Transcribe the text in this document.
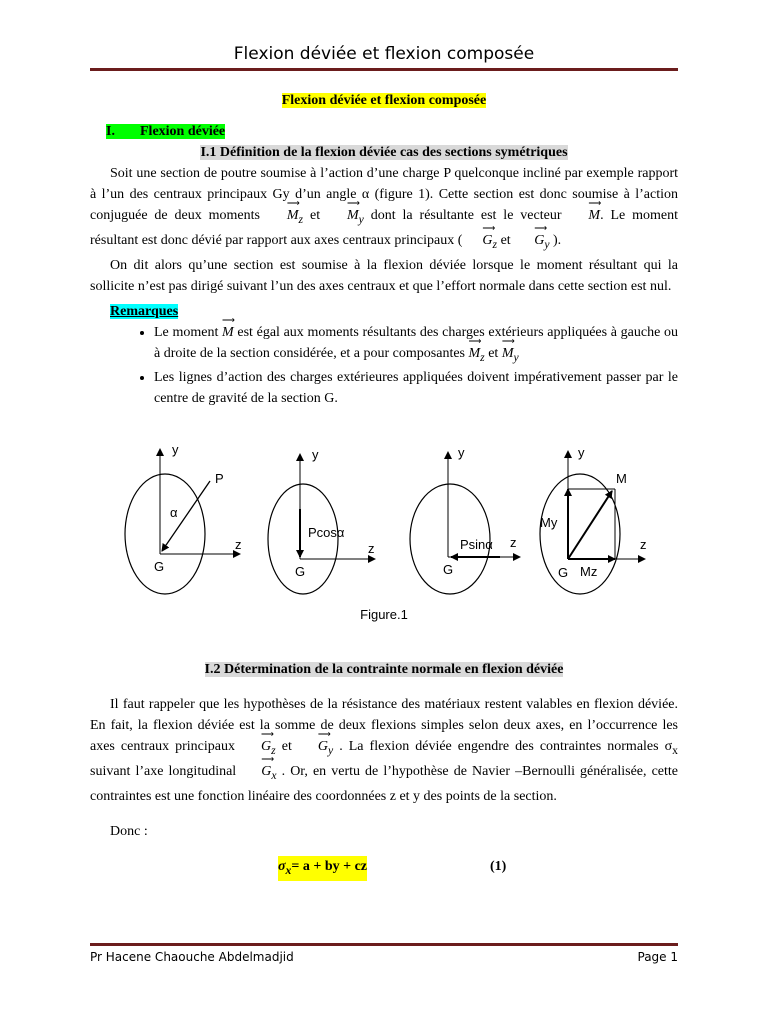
Flexion déviée et flexion composée

Flexion déviée et flexion composée

I. Flexion déviée

I.1 Définition de la flexion déviée cas des sections symétriques

Soit une section de poutre soumise à l’action d’une charge P quelconque incliné par exemple rapport à l’un des centraux principaux Gy d’un angle α (figure 1). Cette section est donc soumise à l’action conjuguée de deux moments ⟶ $M_z$ et ⟶ $M_y$ dont la résultante est le vecteur ⟶ M. Le moment résultant est donc dévié par rapport aux axes centraux principaux (⟶ $G_z$ et ⟶ $G_y$ ).

On dit alors qu’une section est soumise à la flexion déviée lorsque le moment résultant qui la sollicite n’est pas dirigé suivant l’un des axes centraux et que l’effort normale dans cette section est nul.

Remarques
• Le moment ⟶ M est égal aux moments résultants des charges extérieurs appliquées à gauche ou à droite de la section considérée, et a pour composantes ⟶ $M_z$ et ⟶ $M_y$
• Les lignes d’action des charges extérieures appliquées doivent impérativement passer par le centre de gravité de la section G.
y
z
G
P
α
y
z
G
Pcosα
y
z
G
Psinα
y
z
G
M
My
Mz
Figure.1

I.2 Détermination de la contrainte normale en flexion déviée

Il faut rappeler que les hypothèses de la résistance des matériaux restent valables en flexion déviée. En fait, la flexion déviée est la somme de deux flexions simples selon deux axes, en l’occurrence les axes centraux principaux ⟶ $G_z$ et ⟶ $G_y$ . La flexion déviée engendre des contraintes normales $\sigma_x$ suivant l’axe longitudinal ⟶ $G_x$ . Or, en vertu de l’hypothèse de Navier –Bernoulli généralisée, cette contraintes est une fonction linéaire des coordonnées z et y des points de la section.

Donc :

$\sigma_x= a$ + by + cz	(1)
Pr Hacene Chaouche Abdelmadjid	Page 1
